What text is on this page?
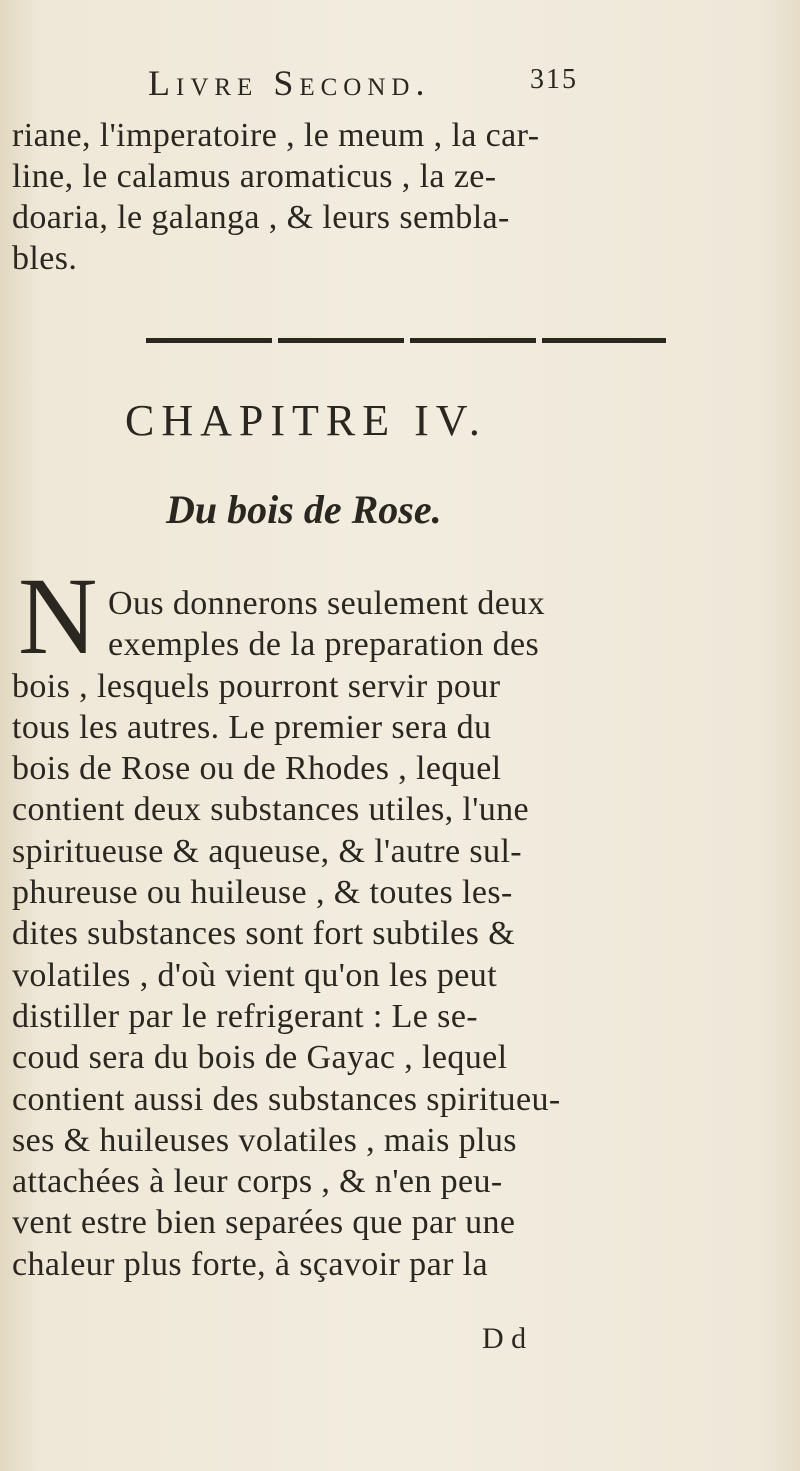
Livre Second.	315
riane, l'imperatoire , le meum , la car-
line, le calamus aromaticus , la ze-
doaria, le galanga , & leurs sembla-
bles.
CHAPITRE IV.
Du bois de Rose.
N Ous donnerons seulement deux
exemples de la preparation des
bois , lesquels pourront servir pour
tous les autres. Le premier sera du
bois de Rose ou de Rhodes , lequel
contient deux substances utiles, l'une
spiritueuse & aqueuse, & l'autre sul-
phureuse ou huileuse , & toutes les-
dites substances sont fort subtiles &
volatiles , d'où vient qu'on les peut
distiller par le refrigerant : Le se-
coud sera du bois de Gayac , lequel
contient aussi des substances spiritueu-
ses & huileuses volatiles , mais plus
attachées à leur corps , & n'en peu-
vent estre bien separées que par une
chaleur plus forte, à sçavoir par la
D d
